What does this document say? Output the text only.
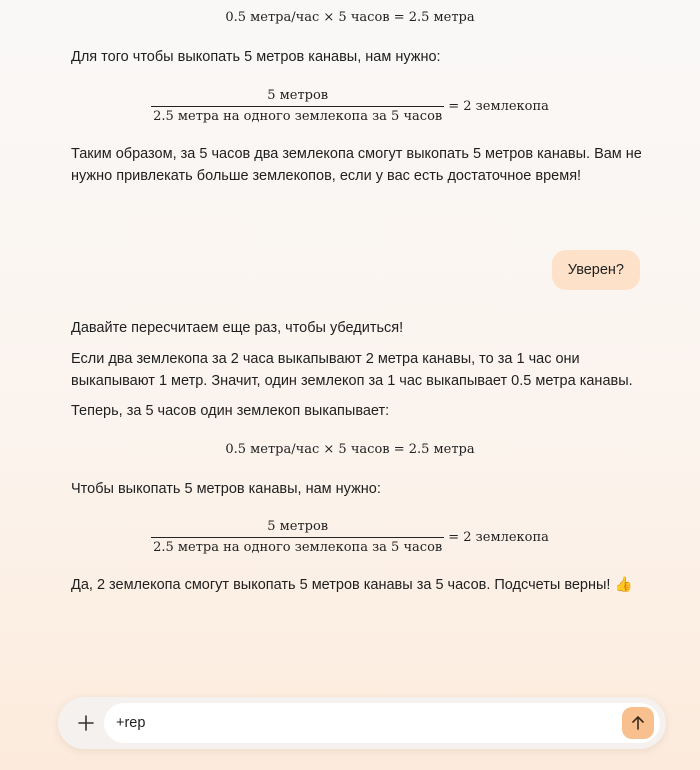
0.5 метра/час × 5 часов = 2.5 метра

Для того чтобы выкопать 5 метров канавы, нам нужно:

$\frac{\text{5 метров}}{\text{2.5 метра на одного землекопа за 5 часов}} = 2$ землекопа

Таким образом, за 5 часов два землекопа смогут выкопать 5 метров канавы. Вам не нужно привлекать больше землекопов, если у вас есть достаточное время!

Уверен?

Давайте пересчитаем еще раз, чтобы убедиться!

Если два землекопа за 2 часа выкапывают 2 метра канавы, то за 1 час они выкапывают 1 метр. Значит, один землекоп за 1 час выкапывает 0.5 метра канавы.

Теперь, за 5 часов один землекоп выкапывает:

0.5 метра/час × 5 часов = 2.5 метра

Чтобы выкопать 5 метров канавы, нам нужно:

$\frac{\text{5 метров}}{\text{2.5 метра на одного землекопа за 5 часов}} = 2$ землекопа

Да, 2 землекопа смогут выкопать 5 метров канавы за 5 часов. Подсчеты верны! 👍

+rep
